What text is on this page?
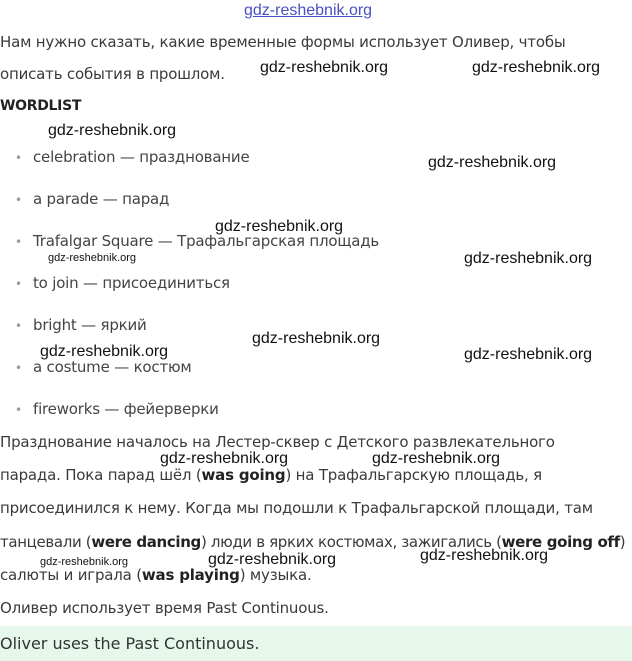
gdz-reshebnik.org
Нам нужно сказать, какие временные формы использует Оливер, чтобы
описать события в прошлом. gdz-reshebnik.org	gdz-reshebnik.org
WORDLIST
gdz-reshebnik.org
• celebration — празднование	gdz-reshebnik.org
• a parade — парад
gdz-reshebnik.org
• Trafalgar Square — Трафальгарская площадь
gdz-reshebnik.org	gdz-reshebnik.org
• to join — присоединиться
• bright — яркий
gdz-reshebnik.org
gdz-reshebnik.org	gdz-reshebnik.org
• a costume — костюм
• fireworks — фейерверки
Празднование началось на Лестер-сквер с Детского развлекательного
gdz-reshebnik.org	gdz-reshebnik.org
парада. Пока парад шёл (was going) на Трафальгарскую площадь, я
присоединился к нему. Когда мы подошли к Трафальгарской площади, там
танцевали (were dancing) люди в ярких костюмах, зажигались (were going off)
gdz-reshebnik.org	gdz-reshebnik.org	gdz-reshebnik.org
салюты и играла (was playing) музыка.
Оливер использует время Past Continuous.
Oliver uses the Past Continuous.
